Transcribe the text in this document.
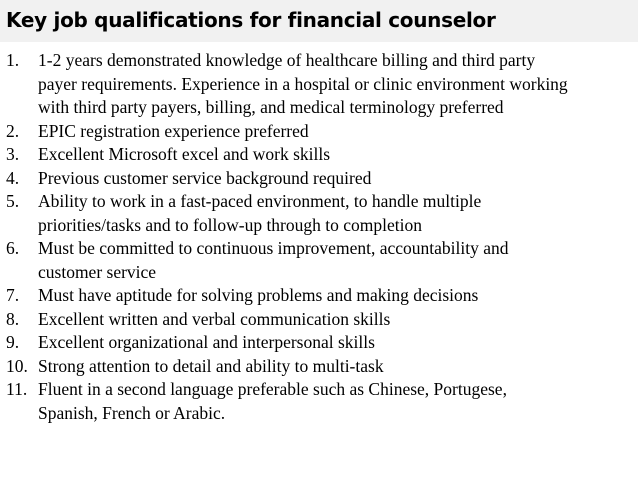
Key job qualifications for financial counselor
1. 1-2 years demonstrated knowledge of healthcare billing and third party
payer requirements. Experience in a hospital or clinic environment working
with third party payers, billing, and medical terminology preferred
2. EPIC registration experience preferred
3. Excellent Microsoft excel and work skills
4. Previous customer service background required
5. Ability to work in a fast-paced environment, to handle multiple
priorities/tasks and to follow-up through to completion
6. Must be committed to continuous improvement, accountability and
customer service
7. Must have aptitude for solving problems and making decisions
8. Excellent written and verbal communication skills
9. Excellent organizational and interpersonal skills
10. Strong attention to detail and ability to multi-task
11. Fluent in a second language preferable such as Chinese, Portugese,
Spanish, French or Arabic.
